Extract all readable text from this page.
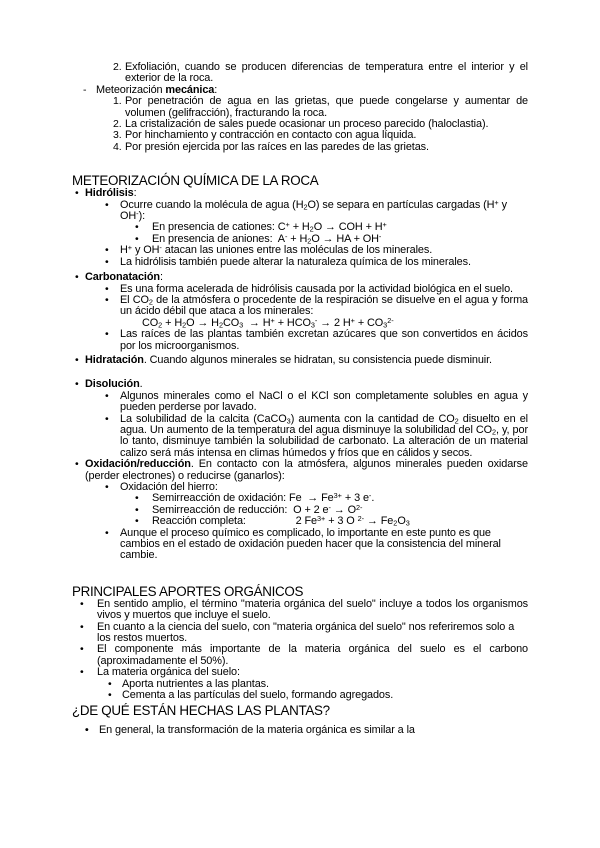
2. Exfoliación, cuando se producen diferencias de temperatura entre el interior y el exterior de la roca.
- Meteorización mecánica:
1. Por penetración de agua en las grietas, que puede congelarse y aumentar de volumen (gelifracción), fracturando la roca.
2. La cristalización de sales puede ocasionar un proceso parecido (haloclastia).
3. Por hinchamiento y contracción en contacto con agua líquida.
4. Por presión ejercida por las raíces en las paredes de las grietas.
METEORIZACIÓN QUÍMICA DE LA ROCA
• Hidrólisis:
• Ocurre cuando la molécula de agua $(H_2O)$ se separa en partículas cargadas (H+ y OH-):
• En presencia de cationes: $C^+ + H_2O$ → COH + H+
• En presencia de aniones:  $A^- + H_2O$ → HA + OH-
• H+ y OH- atacan las uniones entre las moléculas de los minerales.
• La hidrólisis también puede alterar la naturaleza química de los minerales.
• Carbonatación:
• Es una forma acelerada de hidrólisis causada por la actividad biológica en el suelo.
• El $CO_2$ de la atmósfera o procedente de la respiración se disuelve en el agua y forma un ácido débil que ataca a los minerales:
$CO_2 + H_2O \to H_2CO_3 \to H^+ + HCO_3^- \to 2$ $H^+ + CO_3^{2-}$
• Las raíces de las plantas también excretan azúcares que son convertidos en ácidos por los microorganismos.
• Hidratación. Cuando algunos minerales se hidratan, su consistencia puede disminuir.
• Disolución.
• Algunos minerales como el NaCl o el KCl son completamente solubles en agua y pueden perderse por lavado.
• La solubilidad de la calcita (CaCO$_3$) aumenta con la cantidad de $CO_2$ disuelto en el agua. Un aumento de la temperatura del agua disminuye la solubilidad del $CO_2$, y, por lo tanto, disminuye también la solubilidad de carbonato. La alteración de un material calizo será más intensa en climas húmedos y fríos que en cálidos y secos.
• Oxidación/reducción. En contacto con la atmósfera, algunos minerales pueden oxidarse (perder electrones) o reducirse (ganarlos):
• Oxidación del hierro:
• Semirreacción de oxidación: $Fe \to Fe^{3+} + 3$ e-.
• Semirreacción de reducción:  O + 2 $e^- \to O^{2-}$
• Reacción completa:                 2 $Fe^{3+} + 3$ O $^{2-} \to Fe_2O_3$
• Aunque el proceso químico es complicado, lo importante en este punto es que cambios en el estado de oxidación pueden hacer que la consistencia del mineral cambie.
PRINCIPALES APORTES ORGÁNICOS
• En sentido amplio, el término "materia orgánica del suelo" incluye a todos los organismos vivos y muertos que incluye el suelo.
• En cuanto a la ciencia del suelo, con "materia orgánica del suelo" nos referiremos solo a los restos muertos.
• El componente más importante de la materia orgánica del suelo es el carbono (aproximadamente el 50%).
• La materia orgánica del suelo:
• Aporta nutrientes a las plantas.
• Cementa a las partículas del suelo, formando agregados.
¿DE QUÉ ESTÁN HECHAS LAS PLANTAS?
• En general, la transformación de la materia orgánica es similar a la
